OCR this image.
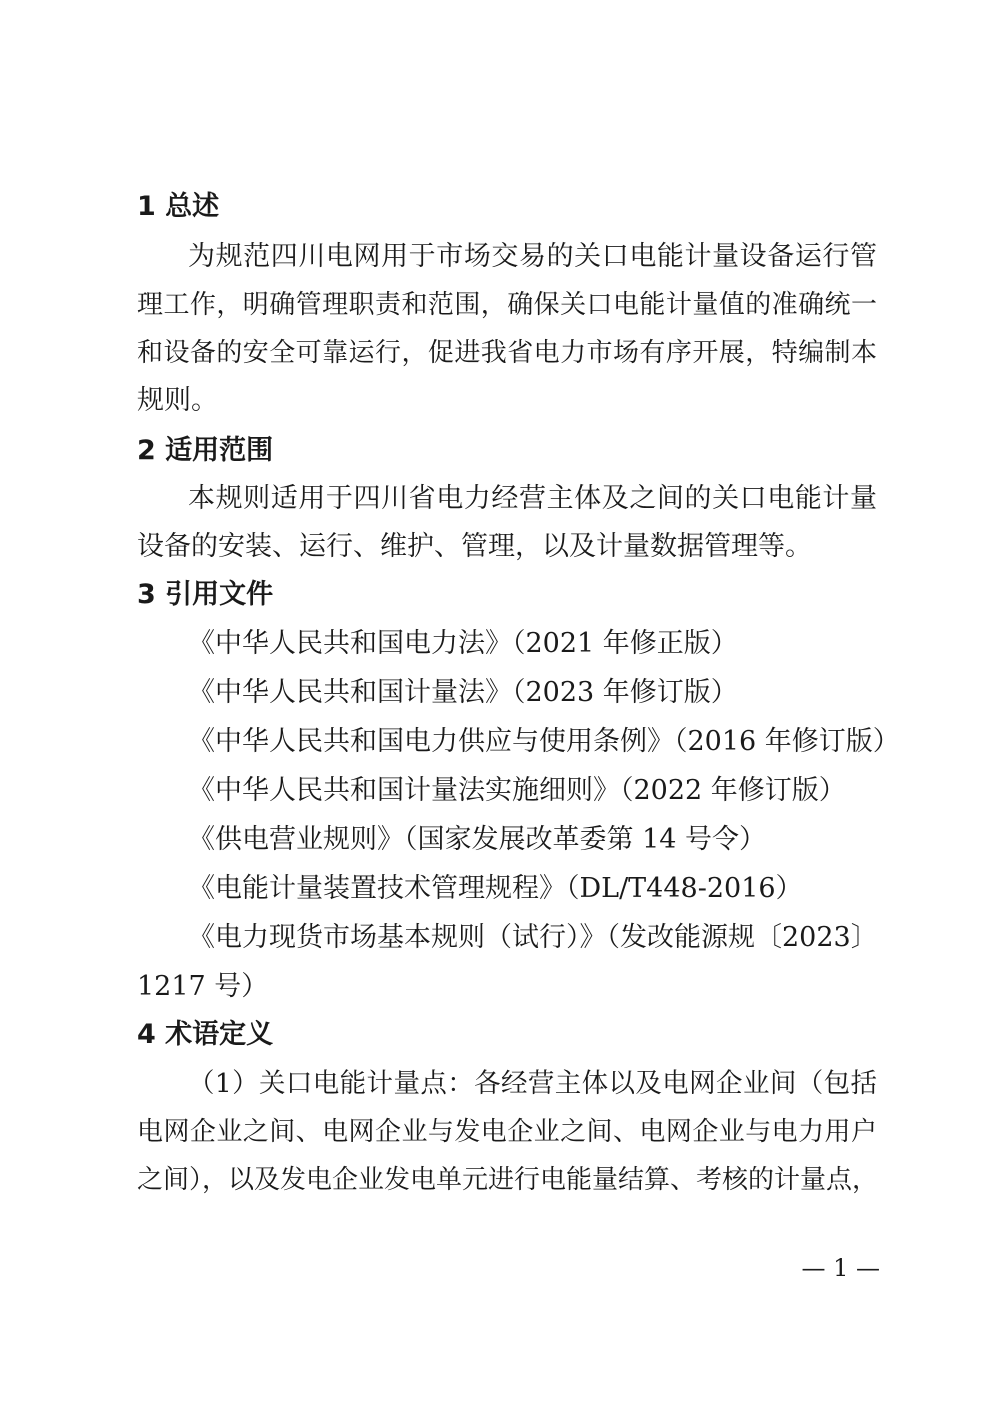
1 总述
为规范四川电网用于市场交易的关口电能计量设备运行管
理工作，明确管理职责和范围，确保关口电能计量值的准确统一
和设备的安全可靠运行，促进我省电力市场有序开展，特编制本
规则。
2 适用范围
本规则适用于四川省电力经营主体及之间的关口电能计量
设备的安装、运行、维护、管理，以及计量数据管理等。
3 引用文件
《中华人民共和国电力法》（2021 年修正版）
《中华人民共和国计量法》（2023 年修订版）
《中华人民共和国电力供应与使用条例》（2016 年修订版）
《中华人民共和国计量法实施细则》（2022 年修订版）
《供电营业规则》（国家发展改革委第 14 号令）
《电能计量装置技术管理规程》（DL/T448-2016）
《电力现货市场基本规则（试行）》（发改能源规〔2023〕
1217 号）
4 术语定义
（1）关口电能计量点：各经营主体以及电网企业间（包括
电网企业之间、电网企业与发电企业之间、电网企业与电力用户
之间），以及发电企业发电单元进行电能量结算、考核的计量点，
— 1 —
